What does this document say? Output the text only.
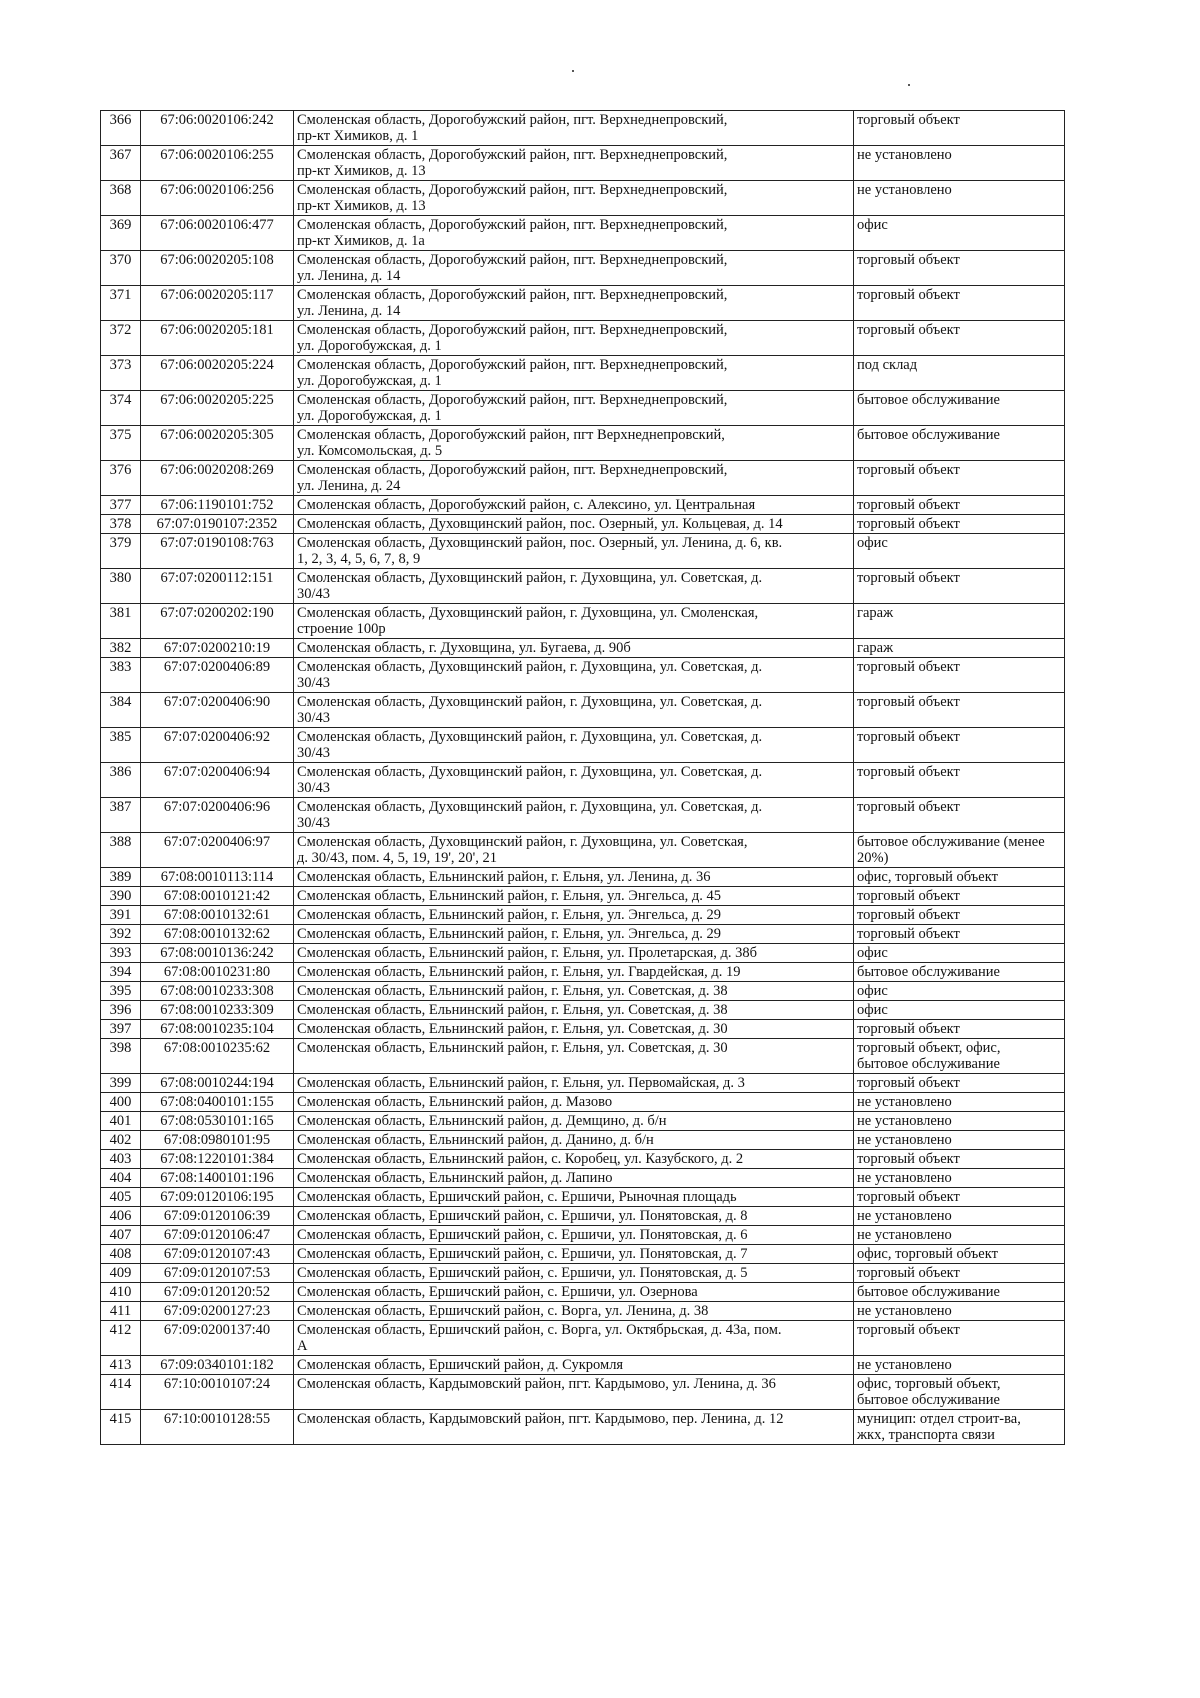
366	67:06:0020106:242	Смоленская область, Дорогобужский район, пгт. Верхнеднепровский,
пр-кт Химиков, д. 1	торговый объект
367	67:06:0020106:255	Смоленская область, Дорогобужский район, пгт. Верхнеднепровский,
пр-кт Химиков, д. 13	не установлено
368	67:06:0020106:256	Смоленская область, Дорогобужский район, пгт. Верхнеднепровский,
пр-кт Химиков, д. 13	не установлено
369	67:06:0020106:477	Смоленская область, Дорогобужский район, пгт. Верхнеднепровский,
пр-кт Химиков, д. 1а	офис
370	67:06:0020205:108	Смоленская область, Дорогобужский район, пгт. Верхнеднепровский,
ул. Ленина, д. 14	торговый объект
371	67:06:0020205:117	Смоленская область, Дорогобужский район, пгт. Верхнеднепровский,
ул. Ленина, д. 14	торговый объект
372	67:06:0020205:181	Смоленская область, Дорогобужский район, пгт. Верхнеднепровский,
ул. Дорогобужская, д. 1	торговый объект
373	67:06:0020205:224	Смоленская область, Дорогобужский район, пгт. Верхнеднепровский,
ул. Дорогобужская, д. 1	под склад
374	67:06:0020205:225	Смоленская область, Дорогобужский район, пгт. Верхнеднепровский,
ул. Дорогобужская, д. 1	бытовое обслуживание
375	67:06:0020205:305	Смоленская область, Дорогобужский район, пгт Верхнеднепровский,
ул. Комсомольская, д. 5	бытовое обслуживание
376	67:06:0020208:269	Смоленская область, Дорогобужский район, пгт. Верхнеднепровский,
ул. Ленина, д. 24	торговый объект
377	67:06:1190101:752	Смоленская область, Дорогобужский район, с. Алексино, ул. Центральная	торговый объект
378	67:07:0190107:2352	Смоленская область, Духовщинский район, пос. Озерный, ул. Кольцевая, д. 14	торговый объект
379	67:07:0190108:763	Смоленская область, Духовщинский район, пос. Озерный, ул. Ленина, д. 6, кв.
1, 2, 3, 4, 5, 6, 7, 8, 9	офис
380	67:07:0200112:151	Смоленская область, Духовщинский район, г. Духовщина, ул. Советская, д.
30/43	торговый объект
381	67:07:0200202:190	Смоленская область, Духовщинский район, г. Духовщина, ул. Смоленская,
строение 100р	гараж
382	67:07:0200210:19	Смоленская область, г. Духовщина, ул. Бугаева, д. 90б	гараж
383	67:07:0200406:89	Смоленская область, Духовщинский район, г. Духовщина, ул. Советская, д.
30/43	торговый объект
384	67:07:0200406:90	Смоленская область, Духовщинский район, г. Духовщина, ул. Советская, д.
30/43	торговый объект
385	67:07:0200406:92	Смоленская область, Духовщинский район, г. Духовщина, ул. Советская, д.
30/43	торговый объект
386	67:07:0200406:94	Смоленская область, Духовщинский район, г. Духовщина, ул. Советская, д.
30/43	торговый объект
387	67:07:0200406:96	Смоленская область, Духовщинский район, г. Духовщина, ул. Советская, д.
30/43	торговый объект
388	67:07:0200406:97	Смоленская область, Духовщинский район, г. Духовщина, ул. Советская,
д. 30/43, пом. 4, 5, 19, 19', 20', 21	бытовое обслуживание (менее
20%)
389	67:08:0010113:114	Смоленская область, Ельнинский район, г. Ельня, ул. Ленина, д. 36	офис, торговый объект
390	67:08:0010121:42	Смоленская область, Ельнинский район, г. Ельня, ул. Энгельса, д. 45	торговый объект
391	67:08:0010132:61	Смоленская область, Ельнинский район, г. Ельня, ул. Энгельса, д. 29	торговый объект
392	67:08:0010132:62	Смоленская область, Ельнинский район, г. Ельня, ул. Энгельса, д. 29	торговый объект
393	67:08:0010136:242	Смоленская область, Ельнинский район, г. Ельня, ул. Пролетарская, д. 38б	офис
394	67:08:0010231:80	Смоленская область, Ельнинский район, г. Ельня, ул. Гвардейская, д. 19	бытовое обслуживание
395	67:08:0010233:308	Смоленская область, Ельнинский район, г. Ельня, ул. Советская, д. 38	офис
396	67:08:0010233:309	Смоленская область, Ельнинский район, г. Ельня, ул. Советская, д. 38	офис
397	67:08:0010235:104	Смоленская область, Ельнинский район, г. Ельня, ул. Советская, д. 30	торговый объект
398	67:08:0010235:62	Смоленская область, Ельнинский район, г. Ельня, ул. Советская, д. 30	торговый объект, офис,
бытовое обслуживание
399	67:08:0010244:194	Смоленская область, Ельнинский район, г. Ельня, ул. Первомайская, д. 3	торговый объект
400	67:08:0400101:155	Смоленская область, Ельнинский район, д. Мазово	не установлено
401	67:08:0530101:165	Смоленская область, Ельнинский район, д. Демщино, д. б/н	не установлено
402	67:08:0980101:95	Смоленская область, Ельнинский район, д. Данино, д. б/н	не установлено
403	67:08:1220101:384	Смоленская область, Ельнинский район, с. Коробец, ул. Казубского, д. 2	торговый объект
404	67:08:1400101:196	Смоленская область, Ельнинский район, д. Лапино	не установлено
405	67:09:0120106:195	Смоленская область, Ершичский район, с. Ершичи, Рыночная площадь	торговый объект
406	67:09:0120106:39	Смоленская область, Ершичский район, с. Ершичи, ул. Понятовская, д. 8	не установлено
407	67:09:0120106:47	Смоленская область, Ершичский район, с. Ершичи, ул. Понятовская, д. 6	не установлено
408	67:09:0120107:43	Смоленская область, Ершичский район, с. Ершичи, ул. Понятовская, д. 7	офис, торговый объект
409	67:09:0120107:53	Смоленская область, Ершичский район, с. Ершичи, ул. Понятовская, д. 5	торговый объект
410	67:09:0120120:52	Смоленская область, Ершичский район, с. Ершичи, ул. Озернова	бытовое обслуживание
411	67:09:0200127:23	Смоленская область, Ершичский район, с. Ворга, ул. Ленина, д. 38	не установлено
412	67:09:0200137:40	Смоленская область, Ершичский район, с. Ворга, ул. Октябрьская, д. 43а, пом.
А	торговый объект
413	67:09:0340101:182	Смоленская область, Ершичский район, д. Сукромля	не установлено
414	67:10:0010107:24	Смоленская область, Кардымовский район, пгт. Кардымово, ул. Ленина, д. 36	офис, торговый объект,
бытовое обслуживание
415	67:10:0010128:55	Смоленская область, Кардымовский район, пгт. Кардымово, пер. Ленина, д. 12	муницип: отдел строит-ва,
жкх, транспорта связи
